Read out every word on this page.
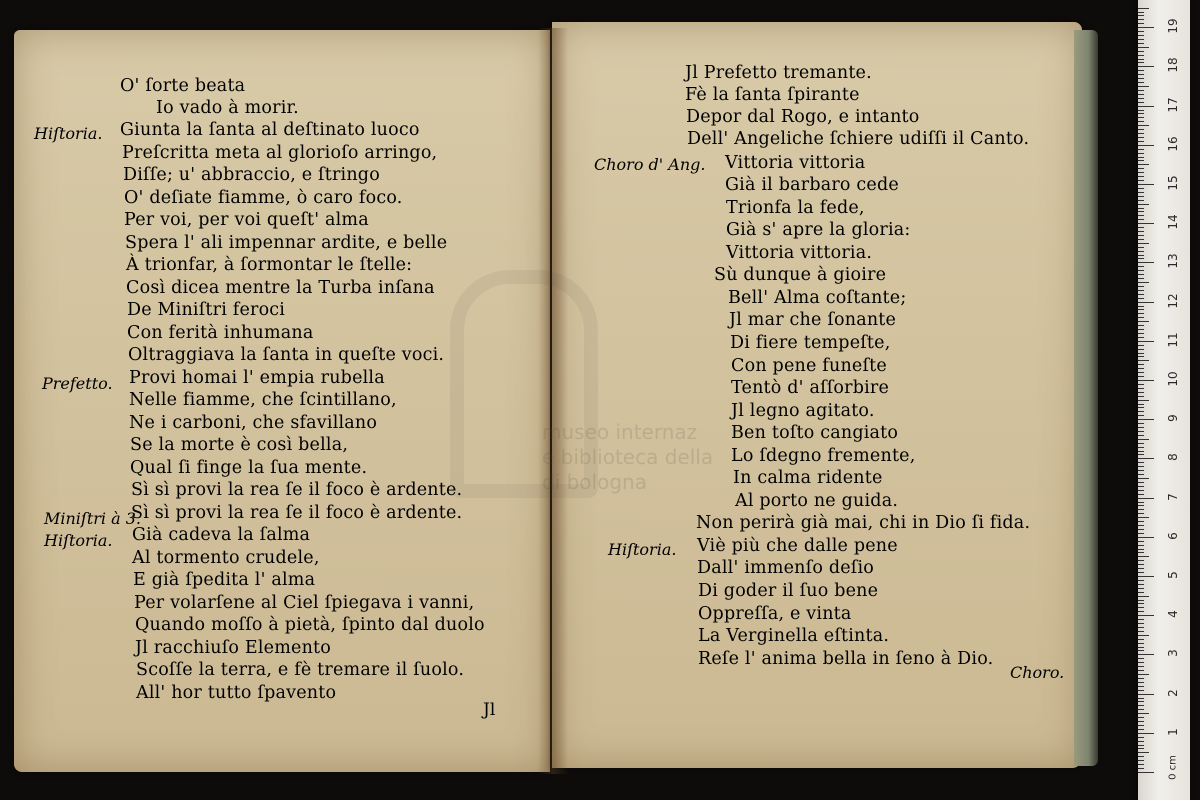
Hiſtoria.
Prefetto.
Miniſtri à 3.
Hiſtoria.
O' ſorte beata
Io vado à morir.
Giunta la ſanta al deſtinato luoco
Preſcritta meta al glorioſo arringo,
Diſſe; u' abbraccio, e ſtringo
O' deſiate fiamme, ò caro foco.
Per voi, per voi queſt' alma
Spera l' ali impennar ardite, e belle
À trionfar, à ſormontar le ſtelle:
Così dicea mentre la Turba inſana
De Miniſtri feroci
Con ferità inhumana
Oltraggiava la ſanta in queſte voci.
Provi homai l' empia rubella
Nelle fiamme, che ſcintillano,
Ne i carboni, che sfavillano
Se la morte è così bella,
Qual ſi finge la ſua mente.
Sì sì provi la rea ſe il foco è ardente.
Sì sì provi la rea ſe il foco è ardente.
Già cadeva la ſalma
Al tormento crudele,
E già ſpedita l' alma
Per volarſene al Ciel ſpiegava i vanni,
Quando moſſo à pietà, ſpinto dal duolo
Jl racchiuſo Elemento
Scoſſe la terra, e fè tremare il ſuolo.
All' hor tutto ſpavento
Jl
Choro d' Ang.
Hiſtoria.
Jl Prefetto tremante.
Fè la ſanta ſpirante
Depor dal Rogo, e intanto
Dell' Angeliche ſchiere udiſſi il Canto.
Vittoria vittoria
Già il barbaro cede
Trionfa la fede,
Già s' apre la gloria:
Vittoria vittoria.
Sù dunque à gioire
Bell' Alma coſtante;
Jl mar che ſonante
Di fiere tempeſte,
Con pene funeſte
Tentò d' aſſorbire
Jl legno agitato.
Ben toſto cangiato
Lo ſdegno fremente,
In calma ridente
Al porto ne guida.
Non perirà già mai, chi in Dio ſi fida.
Viè più che dalle pene
Dall' immenſo deſio
Di goder il ſuo bene
Oppreſſa, e vinta
La Verginella eſtinta.
Reſe l' anima bella in ſeno à Dio.
Choro.
0 cm
19
18
17
16
15
14
13
12
11
10
9
8
7
6
5
4
3
2
1
